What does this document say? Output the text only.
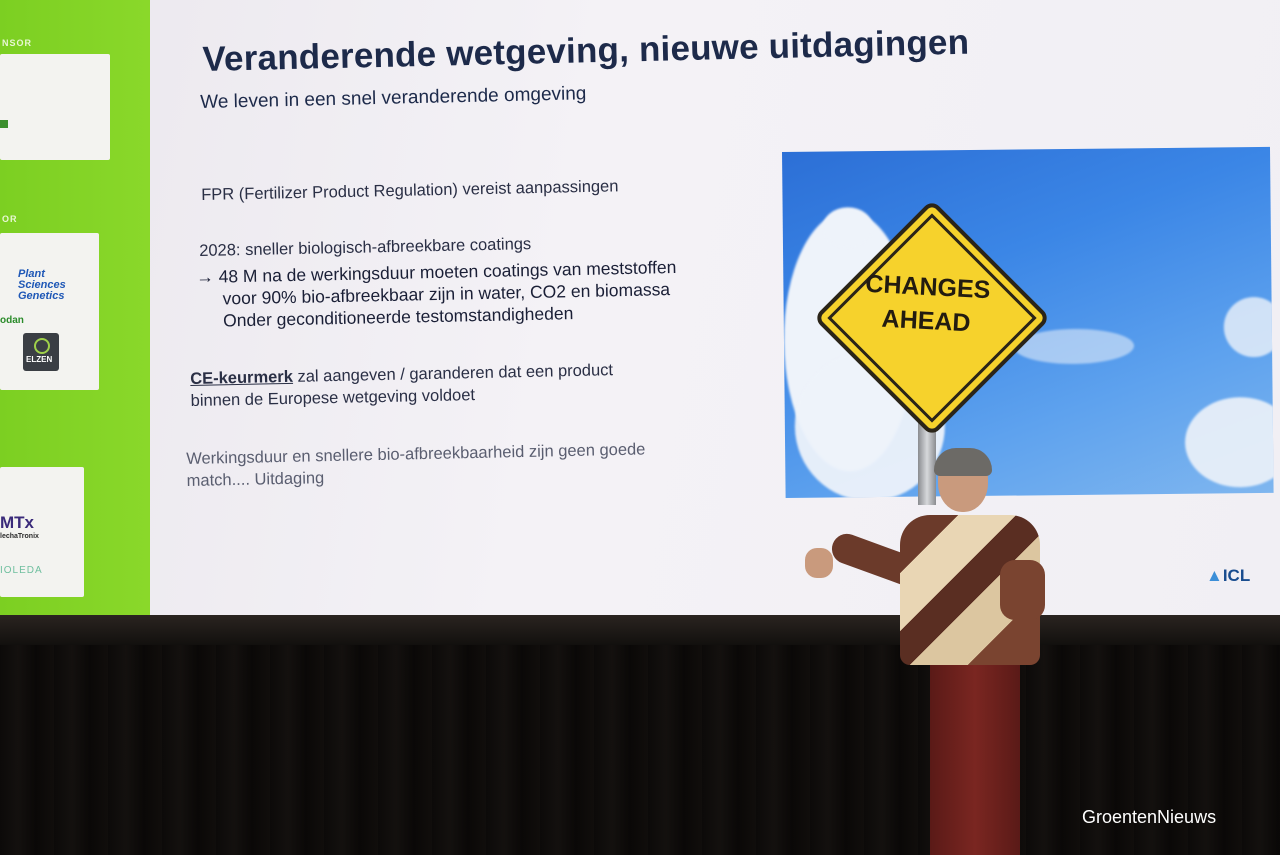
NSOR
OR
Plant
Sciences
Genetics
odan
ELZEN
MTx
lechaTronix
IOLEDA
Veranderende wetgeving, nieuwe uitdagingen
We leven in een snel veranderende omgeving
FPR (Fertilizer Product Regulation) vereist aanpassingen
2028: sneller biologisch-afbreekbare coatings
→ 48 M na de werkingsduur moeten coatings van meststoffen
voor 90% bio-afbreekbaar zijn in water, CO2 en biomassa
Onder geconditioneerde testomstandigheden
CE-keurmerk zal aangeven / garanderen dat een product
binnen de Europese wetgeving voldoet
Werkingsduur en snellere bio-afbreekbaarheid zijn geen goede
match.... Uitdaging
CHANGES
AHEAD
▲ICL
GroentenNieuws
